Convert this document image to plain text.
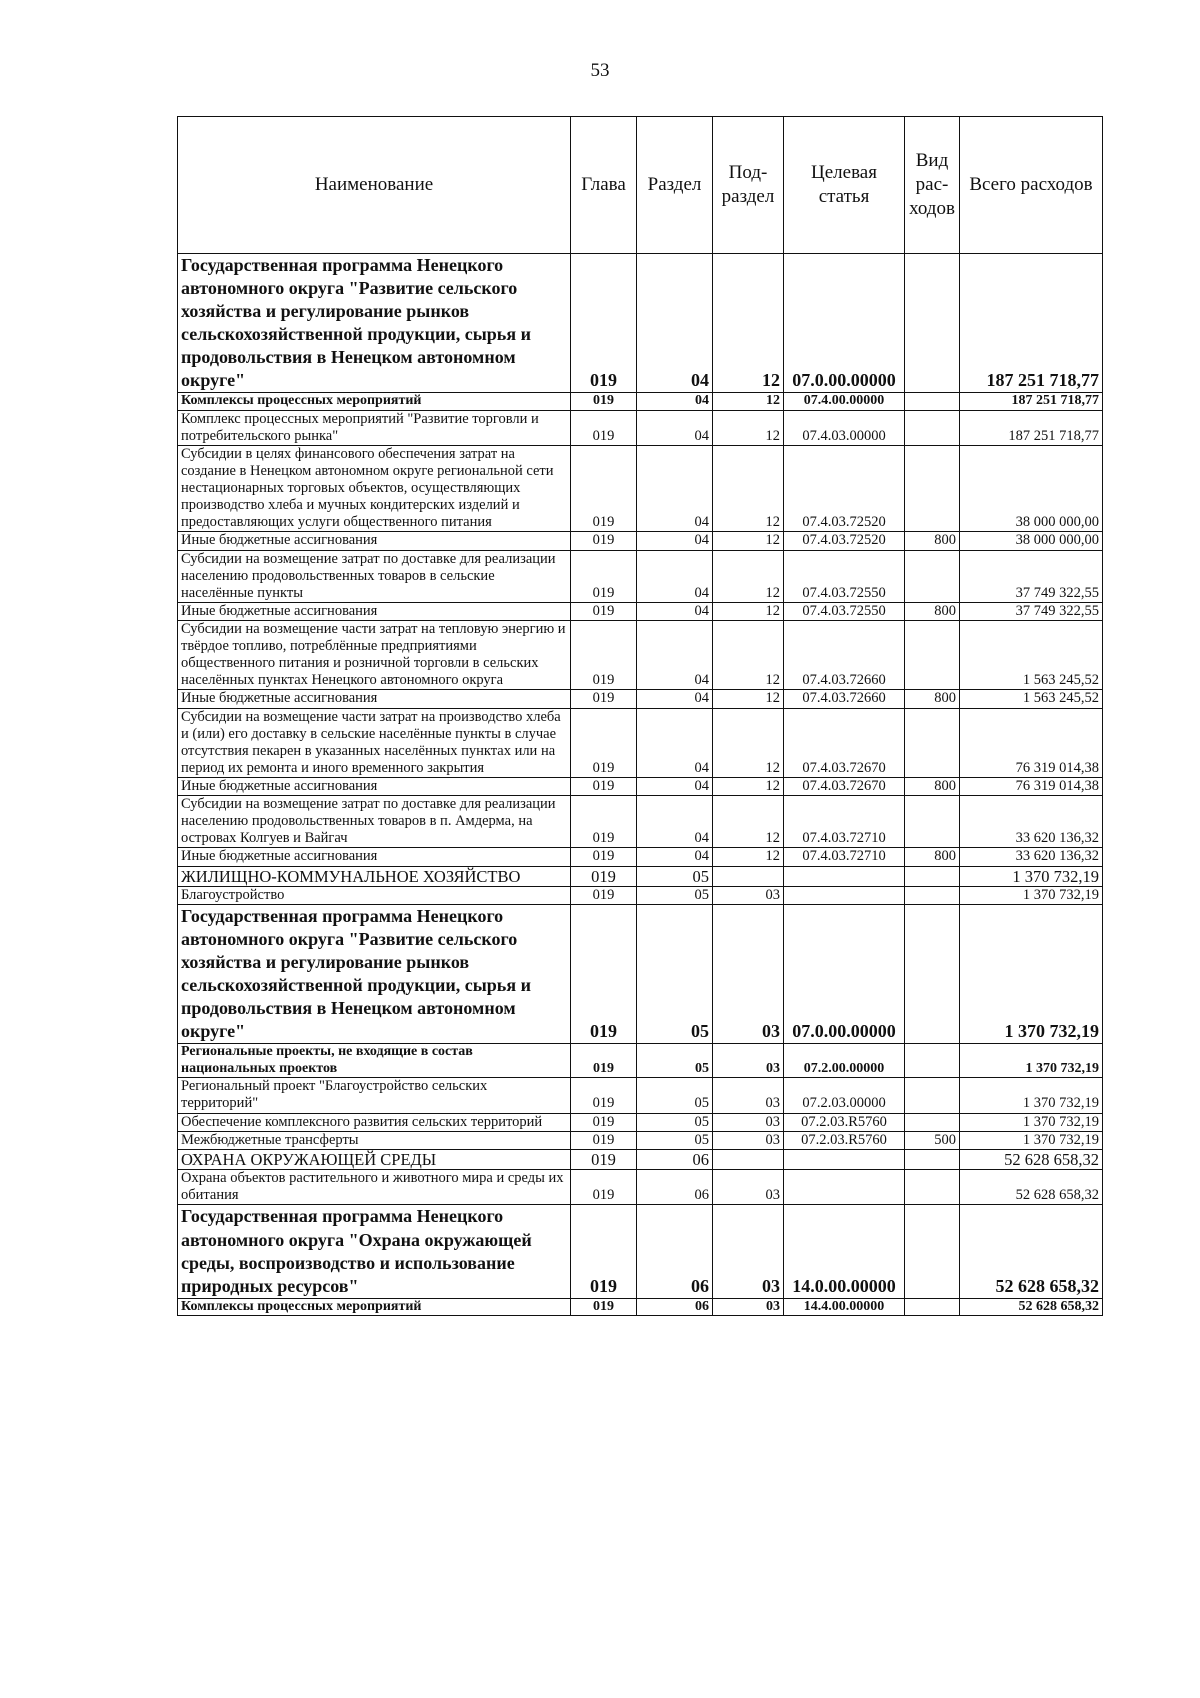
53
Наименование	Глава	Раздел	Под-раздел	Целевая статья	Вид рас-ходов	Всего расходов
Государственная программа Ненецкого автономного округа "Развитие сельского хозяйства и регулирование рынков сельскохозяйственной продукции, сырья и продовольствия в Ненецком автономном округе"	019	04	12	07.0.00.00000		187 251 718,77
Комплексы процессных мероприятий	019	04	12	07.4.00.00000		187 251 718,77
Комплекс процессных мероприятий "Развитие торговли и потребительского рынка"	019	04	12	07.4.03.00000		187 251 718,77
Субсидии в целях финансового обеспечения затрат на создание в Ненецком автономном округе региональной сети нестационарных торговых объектов, осуществляющих производство хлеба и мучных кондитерских изделий и предоставляющих услуги общественного питания	019	04	12	07.4.03.72520		38 000 000,00
Иные бюджетные ассигнования	019	04	12	07.4.03.72520	800	38 000 000,00
Субсидии на возмещение затрат по доставке для реализации населению продовольственных товаров в сельские населённые пункты	019	04	12	07.4.03.72550		37 749 322,55
Иные бюджетные ассигнования	019	04	12	07.4.03.72550	800	37 749 322,55
Субсидии на возмещение части затрат на тепловую энергию и твёрдое топливо, потреблённые предприятиями общественного питания и розничной торговли в сельских населённых пунктах Ненецкого автономного округа	019	04	12	07.4.03.72660		1 563 245,52
Иные бюджетные ассигнования	019	04	12	07.4.03.72660	800	1 563 245,52
Субсидии на возмещение части затрат на производство хлеба и (или) его доставку в сельские населённые пункты в случае отсутствия пекарен в указанных населённых пунктах или на период их ремонта и иного временного закрытия	019	04	12	07.4.03.72670		76 319 014,38
Иные бюджетные ассигнования	019	04	12	07.4.03.72670	800	76 319 014,38
Субсидии на возмещение затрат по доставке для реализации населению продовольственных товаров в п. Амдерма, на островах Колгуев и Вайгач	019	04	12	07.4.03.72710		33 620 136,32
Иные бюджетные ассигнования	019	04	12	07.4.03.72710	800	33 620 136,32
ЖИЛИЩНО-КОММУНАЛЬНОЕ ХОЗЯЙСТВО	019	05				1 370 732,19
Благоустройство	019	05	03			1 370 732,19
Государственная программа Ненецкого автономного округа "Развитие сельского хозяйства и регулирование рынков сельскохозяйственной продукции, сырья и продовольствия в Ненецком автономном округе"	019	05	03	07.0.00.00000		1 370 732,19
Региональные проекты, не входящие в состав национальных проектов	019	05	03	07.2.00.00000		1 370 732,19
Региональный проект "Благоустройство сельских территорий"	019	05	03	07.2.03.00000		1 370 732,19
Обеспечение комплексного развития сельских территорий	019	05	03	07.2.03.R5760		1 370 732,19
Межбюджетные трансферты	019	05	03	07.2.03.R5760	500	1 370 732,19
ОХРАНА ОКРУЖАЮЩЕЙ СРЕДЫ	019	06				52 628 658,32
Охрана объектов растительного и животного мира и среды их обитания	019	06	03			52 628 658,32
Государственная программа Ненецкого автономного округа "Охрана окружающей среды, воспроизводство и использование природных ресурсов"	019	06	03	14.0.00.00000		52 628 658,32
Комплексы процессных мероприятий	019	06	03	14.4.00.00000		52 628 658,32
